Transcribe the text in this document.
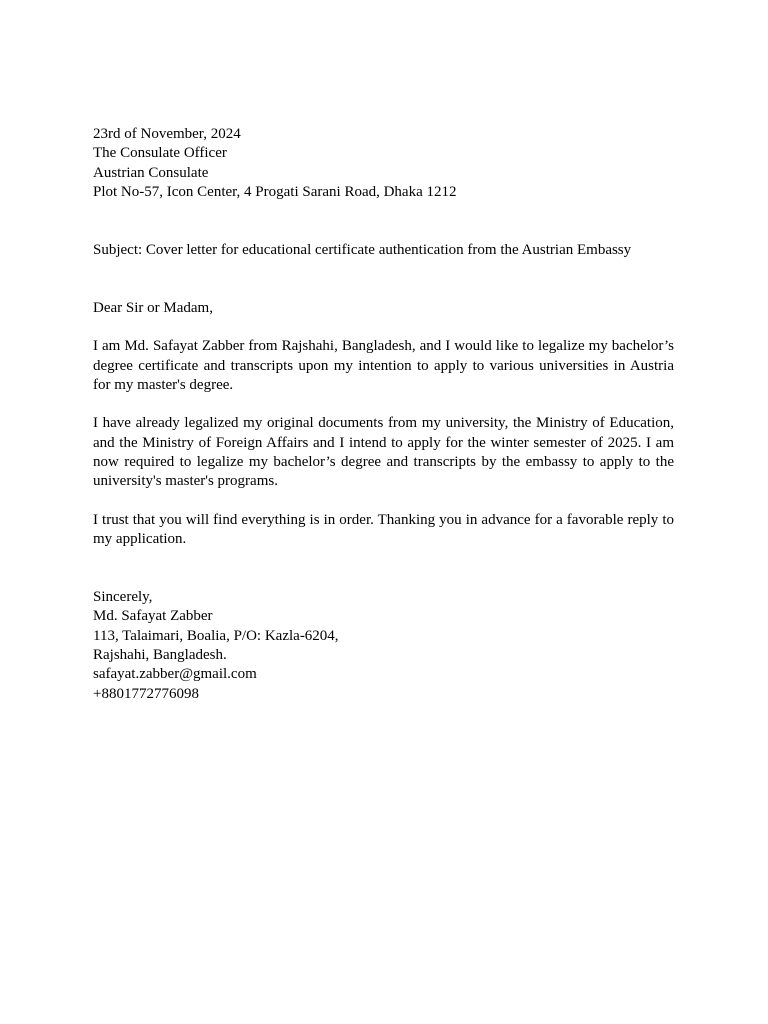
23rd of November, 2024

The Consulate Officer

Austrian Consulate

Plot No-57, Icon Center, 4 Progati Sarani Road, Dhaka 1212

Subject: Cover letter for educational certificate authentication from the Austrian Embassy

Dear Sir or Madam,

I am Md. Safayat Zabber from Rajshahi, Bangladesh, and I would like to legalize my bachelor’s degree certificate and transcripts upon my intention to apply to various universities in Austria for my master's degree.

I have already legalized my original documents from my university, the Ministry of Education, and the Ministry of Foreign Affairs and I intend to apply for the winter semester of 2025. I am now required to legalize my bachelor’s degree and transcripts by the embassy to apply to the university's master's programs.

I trust that you will find everything is in order. Thanking you in advance for a favorable reply to my application.

Sincerely,

Md. Safayat Zabber

113, Talaimari, Boalia, P/O: Kazla-6204,

Rajshahi, Bangladesh.

safayat.zabber@gmail.com

+8801772776098
